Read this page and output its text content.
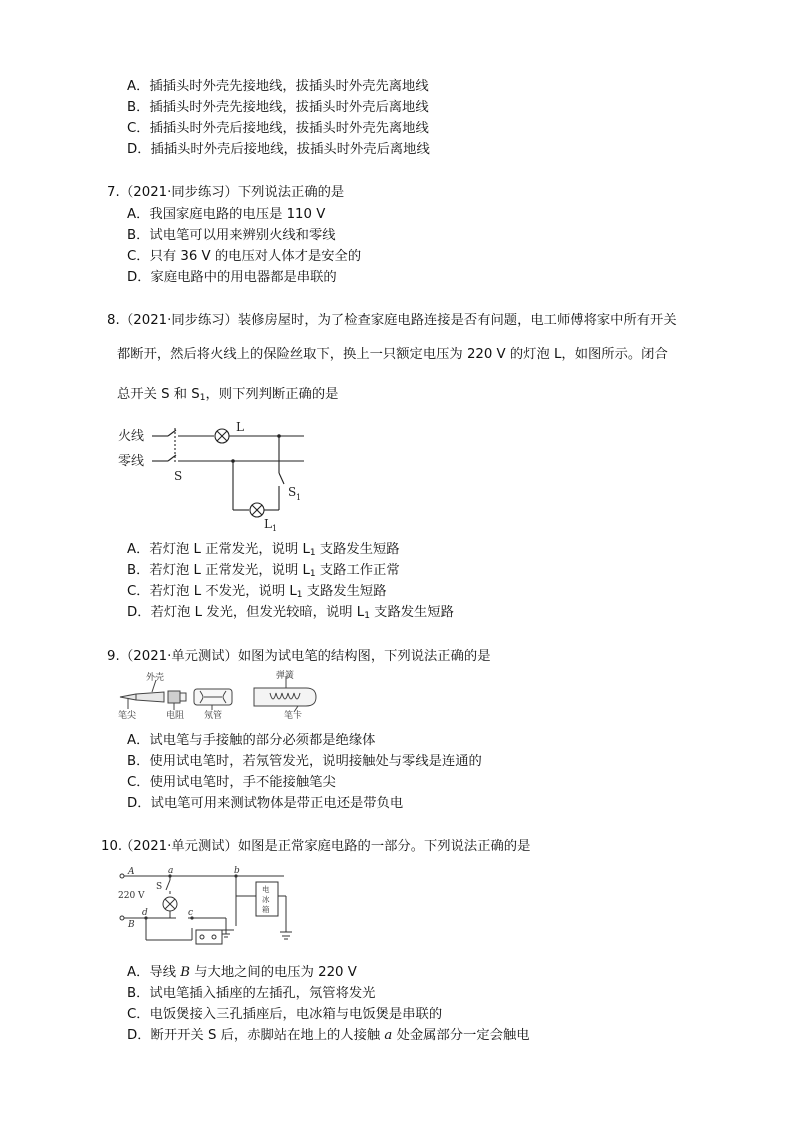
A．插插头时外壳先接地线，拔插头时外壳先离地线
B．插插头时外壳先接地线，拔插头时外壳后离地线
C．插插头时外壳后接地线，拔插头时外壳先离地线
D．插插头时外壳后接地线，拔插头时外壳后离地线
7. （2021·同步练习）下列说法正确的是
A．我国家庭电路的电压是 110 V
B．试电笔可以用来辨别火线和零线
C．只有 36 V 的电压对人体才是安全的
D．家庭电路中的用电器都是串联的
8. （2021·同步练习）装修房屋时，为了检查家庭电路连接是否有问题，电工师傅将家中所有开关
都断开，然后将火线上的保险丝取下，换上一只额定电压为 220 V 的灯泡 L，如图所示。闭合
总开关 S 和 $S_1$，则下列判断正确的是
火线
零线
L
S
S 1
L 1
A．若灯泡 L 正常发光，说明 $L_1$ 支路发生短路
B．若灯泡 L 正常发光，说明 $L_1$ 支路工作正常
C．若灯泡 L 不发光，说明 $L_1$ 支路发生短路
D．若灯泡 L 发光，但发光较暗，说明 $L_1$ 支路发生短路
9. （2021·单元测试）如图为试电笔的结构图，下列说法正确的是
外壳
笔尖	电阻 氖管
弹簧
笔卡
A．试电笔与手接触的部分必须都是绝缘体
B．使用试电笔时，若氖管发光，说明接触处与零线是连通的
C．使用试电笔时，手不能接触笔尖
D．试电笔可用来测试物体是带正电还是带负电
10.
（2021·单元测试）如图是正常家庭电路的一部分。下列说法正确的是
A
B
220 V
S
a	b
c
d
电
冰
箱
A．导线 B 与大地之间的电压为 220 V
B．试电笔插入插座的左插孔，氖管将发光
C．电饭煲接入三孔插座后，电冰箱与电饭煲是串联的
D．断开开关 S 后，赤脚站在地上的人接触 a 处金属部分一定会触电
